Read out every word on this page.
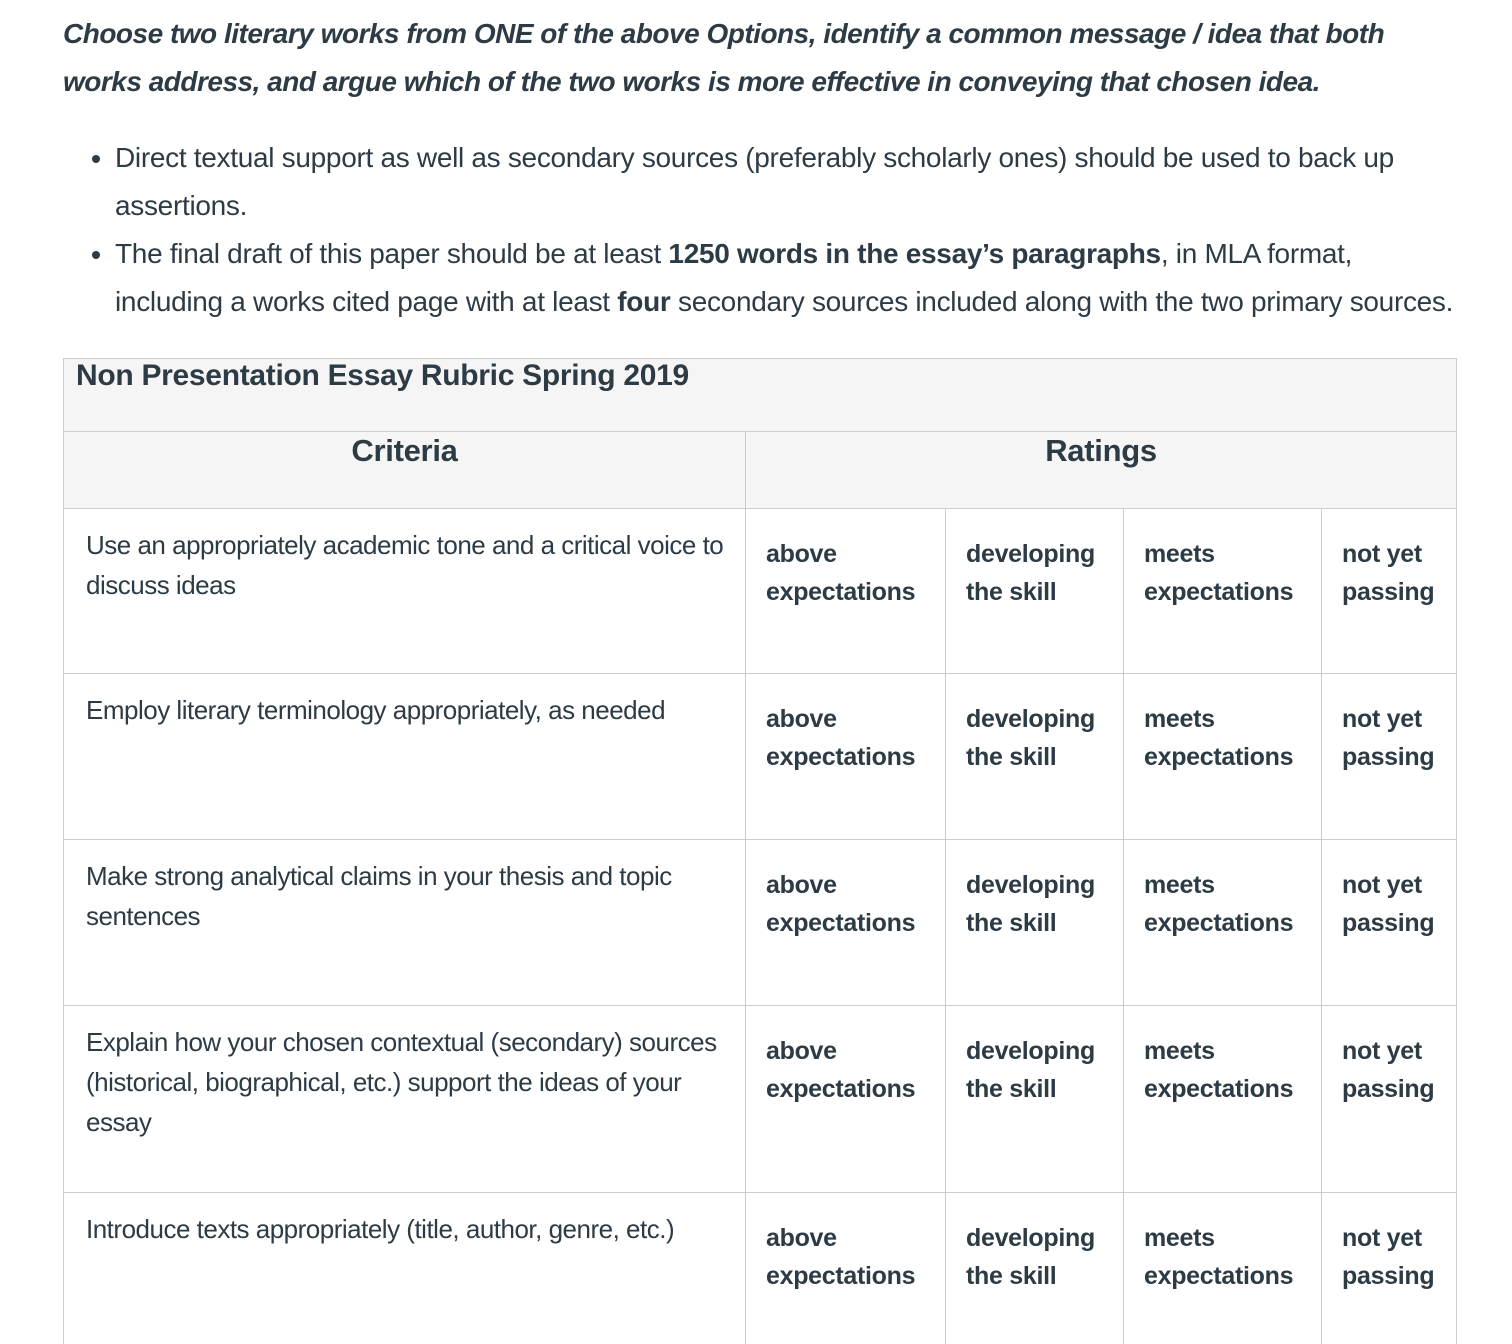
Choose two literary works from ONE of the above Options, identify a common message / idea that both works address, and argue which of the two works is more effective in conveying that chosen idea.

• Direct textual support as well as secondary sources (preferably scholarly ones) should be used to back up assertions.
• The final draft of this paper should be at least 1250 words in the essay’s paragraphs, in MLA format, including a works cited page with at least four secondary sources included along with the two primary sources.
Non Presentation Essay Rubric Spring 2019				
Criteria	Ratings			
Use an appropriately academic tone and a critical voice to discuss ideas	above expectations	developing the skill	meets expectations	not yet passing
Employ literary terminology appropriately, as needed	above expectations	developing the skill	meets expectations	not yet passing
Make strong analytical claims in your thesis and topic sentences	above expectations	developing the skill	meets expectations	not yet passing
Explain how your chosen contextual (secondary) sources (historical, biographical, etc.) support the ideas of your essay	above expectations	developing the skill	meets expectations	not yet passing
Introduce texts appropriately (title, author, genre, etc.)	above expectations	developing the skill	meets expectations	not yet passing
